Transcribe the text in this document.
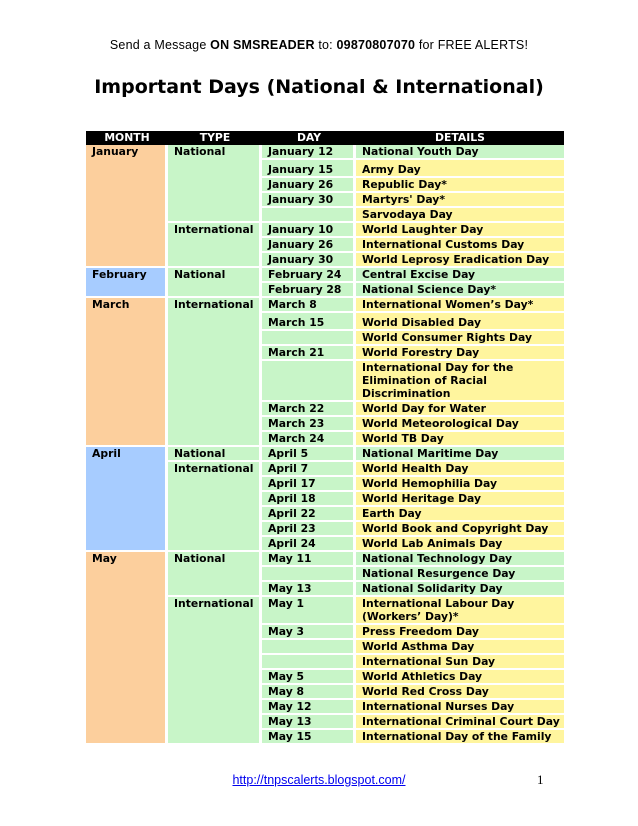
Send a Message ON SMSREADER to: 09870807070 for FREE ALERTS!
Important Days (National & International)
MONTH	TYPE	DAY	DETAILS
January	National	January 12	National Youth Day
		January 15	Army Day
		January 26	Republic Day*
		January 30	Martyrs' Day*
			Sarvodaya Day
	International	January 10	World Laughter Day
		January 26	International Customs Day
		January 30	World Leprosy Eradication Day
February	National	February 24	Central Excise Day
		February 28	National Science Day*
March	International	March 8	International Women’s Day*
		March 15	World Disabled Day
			World Consumer Rights Day
		March 21	World Forestry Day
			International Day for the Elimination of Racial Discrimination
		March 22	World Day for Water
		March 23	World Meteorological Day
		March 24	World TB Day
April	National	April 5	National Maritime Day
	International	April 7	World Health Day
		April 17	World Hemophilia Day
		April 18	World Heritage Day
		April 22	Earth Day
		April 23	World Book and Copyright Day
		April 24	World Lab Animals Day
May	National	May 11	National Technology Day
			National Resurgence Day
		May 13	National Solidarity Day
	International	May 1	International Labour Day (Workers’ Day)*
		May 3	Press Freedom Day
			World Asthma Day
			International Sun Day
		May 5	World Athletics Day
		May 8	World Red Cross Day
		May 12	International Nurses Day
		May 13	International Criminal Court Day
		May 15	International Day of the Family
http://tnpscalerts.blogspot.com/	1
